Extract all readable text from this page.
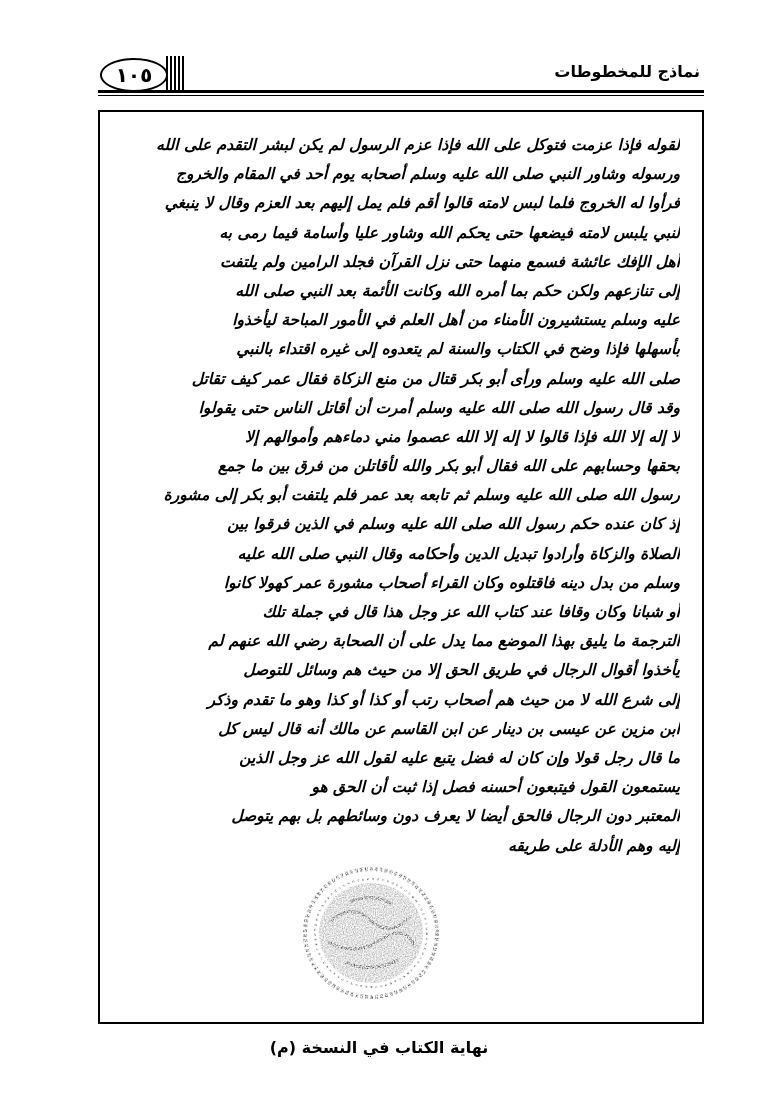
١٠٥	نماذج للمخطوطات
لقوله فإذا عزمت فتوكل على الله فإذا عزم الرسول لم يكن لبشر التقدم على الله
ورسوله وشاور النبي صلى الله عليه وسلم أصحابه يوم أحد في المقام والخروج
فرأوا له الخروج فلما لبس لامته قالوا أقم فلم يمل إليهم بعد العزم وقال لا ينبغي
لنبي يلبس لامته فيضعها حتى يحكم الله وشاور عليا وأسامة فيما رمى به
أهل الإفك عائشة فسمع منهما حتى نزل القرآن فجلد الرامين ولم يلتفت
إلى تنازعهم ولكن حكم بما أمره الله وكانت الأئمة بعد النبي صلى الله
عليه وسلم يستشيرون الأمناء من أهل العلم في الأمور المباحة ليأخذوا
بأسهلها فإذا وضح في الكتاب والسنة لم يتعدوه إلى غيره اقتداء بالنبي
صلى الله عليه وسلم ورأى أبو بكر قتال من منع الزكاة فقال عمر كيف تقاتل
وقد قال رسول الله صلى الله عليه وسلم أمرت أن أقاتل الناس حتى يقولوا
لا إله إلا الله فإذا قالوا لا إله إلا الله عصموا مني دماءهم وأموالهم إلا
بحقها وحسابهم على الله فقال أبو بكر والله لأقاتلن من فرق بين ما جمع
رسول الله صلى الله عليه وسلم ثم تابعه بعد عمر فلم يلتفت أبو بكر إلى مشورة
إذ كان عنده حكم رسول الله صلى الله عليه وسلم في الذين فرقوا بين
الصلاة والزكاة وأرادوا تبديل الدين وأحكامه وقال النبي صلى الله عليه
وسلم من بدل دينه فاقتلوه وكان القراء أصحاب مشورة عمر كهولا كانوا
أو شبانا وكان وقافا عند كتاب الله عز وجل هذا قال في جملة تلك
الترجمة ما يليق بهذا الموضع مما يدل على أن الصحابة رضي الله عنهم لم
يأخذوا أقوال الرجال في طريق الحق إلا من حيث هم وسائل للتوصل
إلى شرع الله لا من حيث هم أصحاب رتب أو كذا أو كذا وهو ما تقدم وذكر
ابن مزين عن عيسى بن دينار عن ابن القاسم عن مالك أنه قال ليس كل
ما قال رجل قولا وإن كان له فضل يتبع عليه لقول الله عز وجل الذين
يستمعون القول فيتبعون أحسنه فصل إذا ثبت أن الحق هو
المعتبر دون الرجال فالحق أيضا لا يعرف دون وسائطهم بل بهم يتوصل
إليه وهم الأدلة على طريقه
نهاية الكتاب في النسخة (م)
